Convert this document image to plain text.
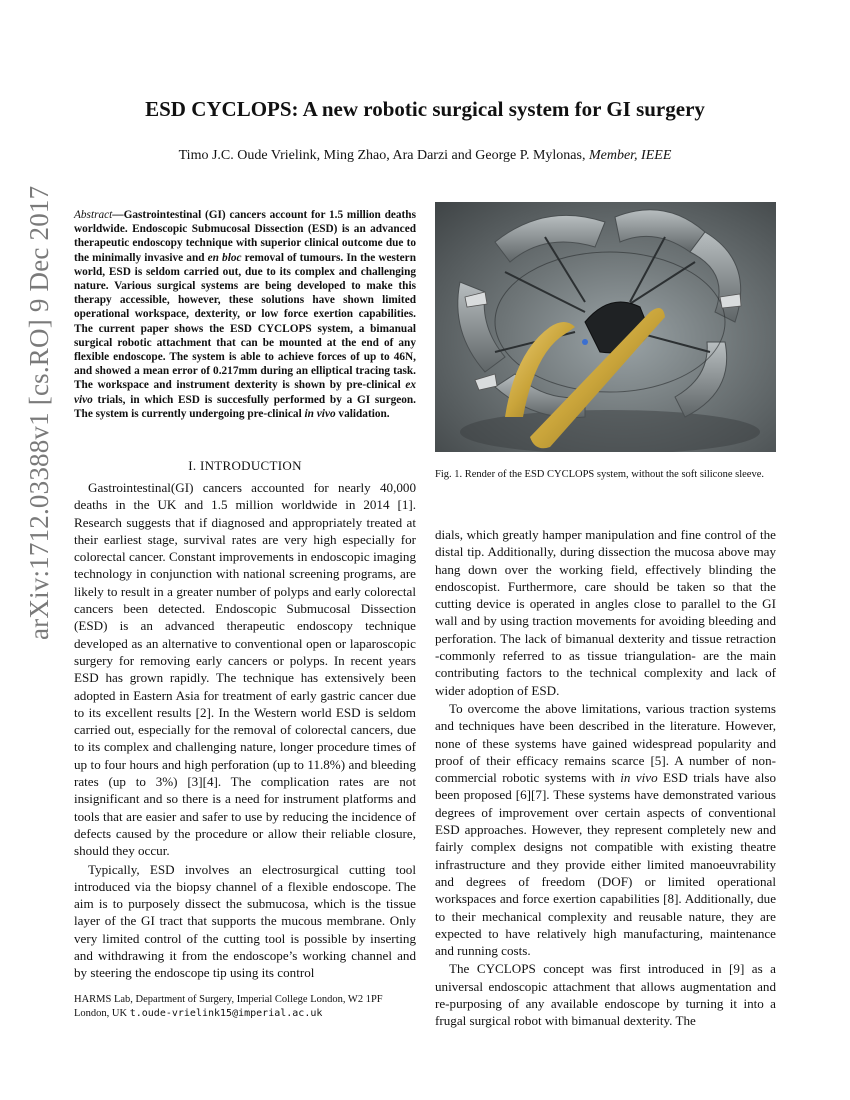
arXiv:1712.03388v1 [cs.RO] 9 Dec 2017
ESD CYCLOPS: A new robotic surgical system for GI surgery
Timo J.C. Oude Vrielink, Ming Zhao, Ara Darzi and George P. Mylonas, Member, IEEE
Abstract—Gastrointestinal (GI) cancers account for 1.5 million deaths worldwide. Endoscopic Submucosal Dissection (ESD) is an advanced therapeutic endoscopy technique with superior clinical outcome due to the minimally invasive and en bloc removal of tumours. In the western world, ESD is seldom carried out, due to its complex and challenging nature. Various surgical systems are being developed to make this therapy accessible, however, these solutions have shown limited operational workspace, dexterity, or low force exertion capabilities. The current paper shows the ESD CYCLOPS system, a bimanual surgical robotic attachment that can be mounted at the end of any flexible endoscope. The system is able to achieve forces of up to 46N, and showed a mean error of 0.217mm during an elliptical tracing task. The workspace and instrument dexterity is shown by pre-clinical ex vivo trials, in which ESD is succesfully performed by a GI surgeon. The system is currently undergoing pre-clinical in vivo validation.
I. INTRODUCTION

Gastrointestinal(GI) cancers accounted for nearly 40,000 deaths in the UK and 1.5 million worldwide in 2014 [1]. Research suggests that if diagnosed and appropriately treated at their earliest stage, survival rates are very high especially for colorectal cancer. Constant improvements in endoscopic imaging technology in conjunction with national screening programs, are likely to result in a greater number of polyps and early colorectal cancers been detected. Endoscopic Submucosal Dissection (ESD) is an advanced therapeutic endoscopy technique developed as an alternative to conventional open or laparoscopic surgery for removing early cancers or polyps. In recent years ESD has grown rapidly. The technique has extensively been adopted in Eastern Asia for treatment of early gastric cancer due to its excellent results [2]. In the Western world ESD is seldom carried out, especially for the removal of colorectal cancers, due to its complex and challenging nature, longer procedure times of up to four hours and high perforation (up to 11.8%) and bleeding rates (up to 3%) [3][4]. The complication rates are not insignificant and so there is a need for instrument platforms and tools that are easier and safer to use by reducing the incidence of defects caused by the procedure or allow their reliable closure, should they occur.

Typically, ESD involves an electrosurgical cutting tool introduced via the biopsy channel of a flexible endoscope. The aim is to purposely dissect the submucosa, which is the tissue layer of the GI tract that supports the mucous membrane. Only very limited control of the cutting tool is possible by inserting and withdrawing it from the endoscope’s working channel and by steering the endoscope tip using its control

HARMS Lab, Department of Surgery, Imperial College London, W2 1PF London, UK t.oude-vrielink15@imperial.ac.uk
Fig. 1. Render of the ESD CYCLOPS system, without the soft silicone sleeve.

dials, which greatly hamper manipulation and fine control of the distal tip. Additionally, during dissection the mucosa above may hang down over the working field, effectively blinding the endoscopist. Furthermore, care should be taken so that the cutting device is operated in angles close to parallel to the GI wall and by using traction movements for avoiding bleeding and perforation. The lack of bimanual dexterity and tissue retraction -commonly referred to as tissue triangulation- are the main contributing factors to the technical complexity and lack of wider adoption of ESD.

To overcome the above limitations, various traction systems and techniques have been described in the literature. However, none of these systems have gained widespread popularity and proof of their efficacy remains scarce [5]. A number of non-commercial robotic systems with in vivo ESD trials have also been proposed [6][7]. These systems have demonstrated various degrees of improvement over certain aspects of conventional ESD approaches. However, they represent completely new and fairly complex designs not compatible with existing theatre infrastructure and they provide either limited manoeuvrability and degrees of freedom (DOF) or limited operational workspaces and force exertion capabilities [8]. Additionally, due to their mechanical complexity and reusable nature, they are expected to have relatively high manufacturing, maintenance and running costs.

The CYCLOPS concept was first introduced in [9] as a universal endoscopic attachment that allows augmentation and re-purposing of any available endoscope by turning it into a frugal surgical robot with bimanual dexterity. The
